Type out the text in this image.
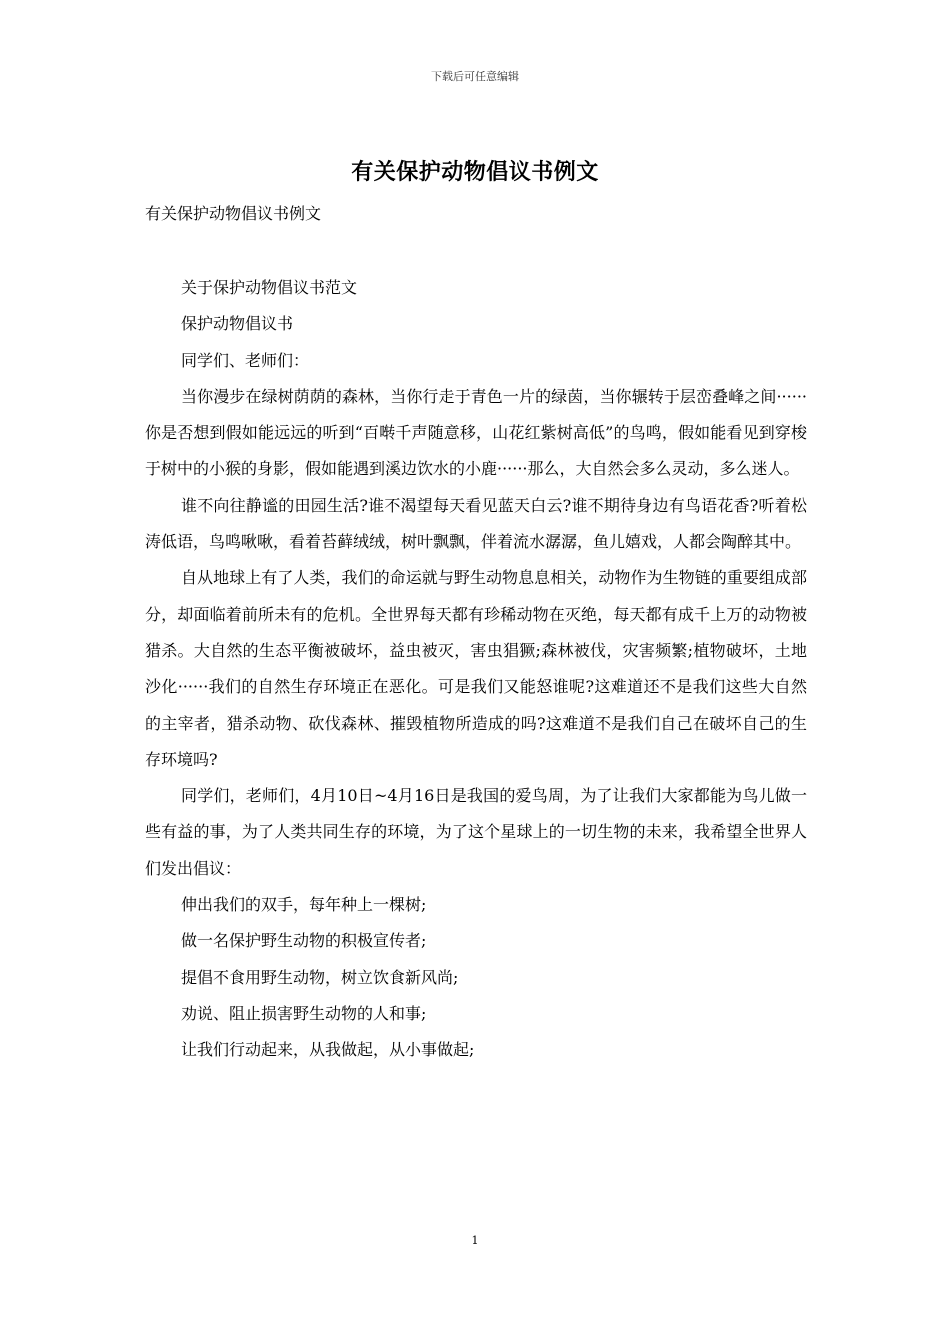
下载后可任意编辑
有关保护动物倡议书例文
有关保护动物倡议书例文

关于保护动物倡议书范文

保护动物倡议书

同学们、老师们：

当你漫步在绿树荫荫的森林，当你行走于青色一片的绿茵，当你辗转于层峦叠峰之间······你是否想到假如能远远的听到“百啭千声随意移，山花红紫树高低”的鸟鸣，假如能看见到穿梭于树中的小猴的身影，假如能遇到溪边饮水的小鹿······那么，大自然会多么灵动，多么迷人。

谁不向往静谧的田园生活?谁不渴望每天看见蓝天白云?谁不期待身边有鸟语花香?听着松涛低语，鸟鸣啾啾，看着苔藓绒绒，树叶飘飘，伴着流水潺潺，鱼儿嬉戏，人都会陶醉其中。

自从地球上有了人类，我们的命运就与野生动物息息相关，动物作为生物链的重要组成部分，却面临着前所未有的危机。全世界每天都有珍稀动物在灭绝，每天都有成千上万的动物被猎杀。大自然的生态平衡被破坏，益虫被灭，害虫猖獗;森林被伐，灾害频繁;植物破坏，土地沙化······我们的自然生存环境正在恶化。可是我们又能怒谁呢?这难道还不是我们这些大自然的主宰者，猎杀动物、砍伐森林、摧毁植物所造成的吗?这难道不是我们自己在破坏自己的生存环境吗?

同学们，老师们，4月10日~4月16日是我国的爱鸟周，为了让我们大家都能为鸟儿做一些有益的事，为了人类共同生存的环境，为了这个星球上的一切生物的未来，我希望全世界人们发出倡议：

伸出我们的双手，每年种上一棵树;

做一名保护野生动物的积极宣传者;

提倡不食用野生动物，树立饮食新风尚;

劝说、阻止损害野生动物的人和事;

让我们行动起来，从我做起，从小事做起;

1
